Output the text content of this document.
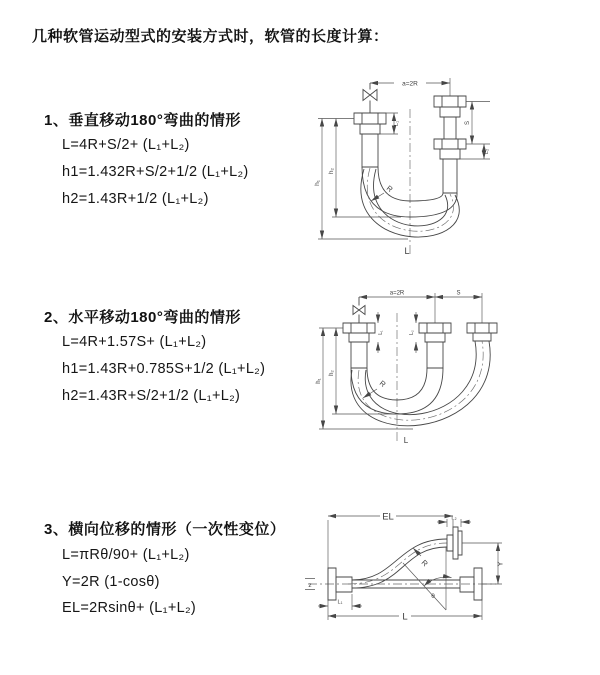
几种软管运动型式的安装方式时，软管的长度计算：
1、垂直移动180°弯曲的情形
L=4R+S/2+ (L₁+L₂)
h1=1.432R+S/2+1/2 (L₁+L₂)
h2=1.43R+1/2 (L₁+L₂)
2、水平移动180°弯曲的情形
L=4R+1.57S+ (L₁+L₂)
h1=1.43R+0.785S+1/2 (L₁+L₂)
h2=1.43R+S/2+1/2 (L₁+L₂)
3、横向位移的情形（一次性变位）
L=πRθ/90+ (L₁+L₂)
Y=2R (1-cosθ)
EL=2Rsinθ+ (L₁+L₂)
a=2R
h₁
h₂
L₁	S
L₂
R
L
a=2R	S
h₁
h₂
L₁	L₂
R
L
EL	L₂
θ
R	Y
L
L₁
z
